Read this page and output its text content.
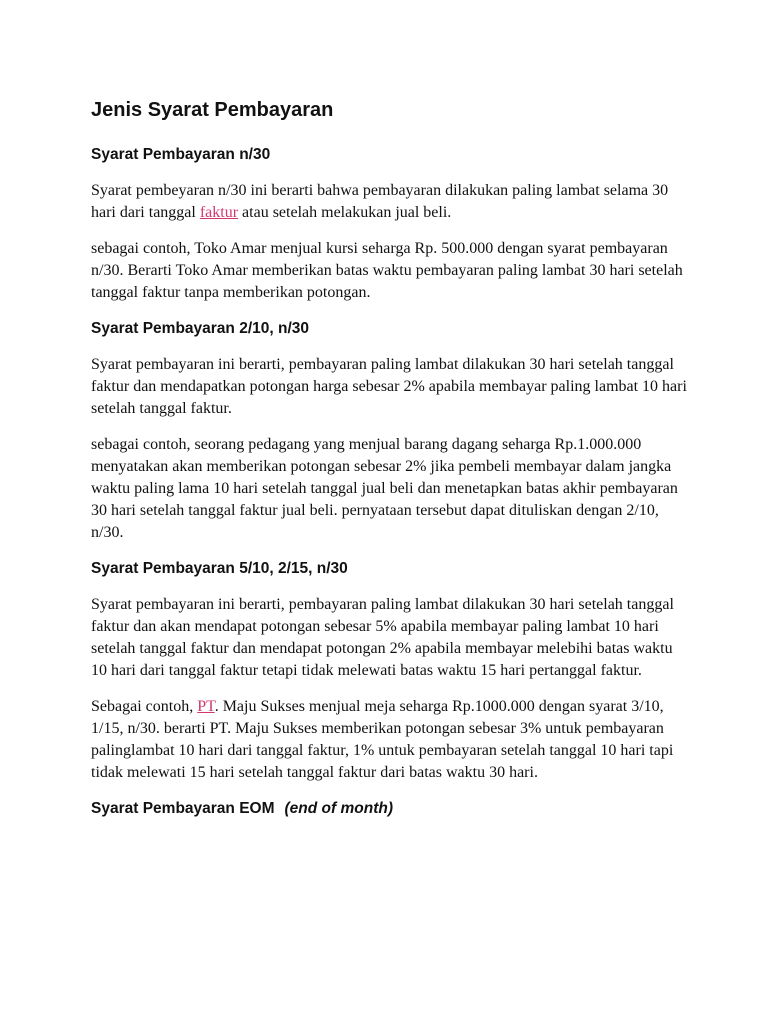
Jenis Syarat Pembayaran
Syarat Pembayaran n/30

Syarat pembeyaran n/30 ini berarti bahwa pembayaran dilakukan paling lambat selama 30 hari dari tanggal faktur atau setelah melakukan jual beli.

sebagai contoh, Toko Amar menjual kursi seharga Rp. 500.000 dengan syarat pembayaran n/30. Berarti Toko Amar memberikan batas waktu pembayaran paling lambat 30 hari setelah tanggal faktur tanpa memberikan potongan.

Syarat Pembayaran 2/10, n/30

Syarat pembayaran ini berarti, pembayaran paling lambat dilakukan 30 hari setelah tanggal faktur dan mendapatkan potongan harga sebesar 2% apabila membayar paling lambat 10 hari setelah tanggal faktur.

sebagai contoh, seorang pedagang yang menjual barang dagang seharga Rp.1.000.000 menyatakan akan memberikan potongan sebesar 2% jika pembeli membayar dalam jangka waktu paling lama 10 hari setelah tanggal jual beli dan menetapkan batas akhir pembayaran 30 hari setelah tanggal faktur jual beli. pernyataan tersebut dapat dituliskan dengan 2/10, n/30.

Syarat Pembayaran 5/10, 2/15, n/30

Syarat pembayaran ini berarti, pembayaran paling lambat dilakukan 30 hari setelah tanggal faktur dan akan mendapat potongan sebesar 5% apabila membayar paling lambat 10 hari setelah tanggal faktur dan mendapat potongan 2% apabila membayar melebihi batas waktu 10 hari dari tanggal faktur tetapi tidak melewati batas waktu 15 hari pertanggal faktur.

Sebagai contoh, PT. Maju Sukses menjual meja seharga Rp.1000.000 dengan syarat 3/10, 1/15, n/30. berarti PT. Maju Sukses memberikan potongan sebesar 3% untuk pembayaran palinglambat 10 hari dari tanggal faktur, 1% untuk pembayaran setelah tanggal 10 hari tapi tidak melewati 15 hari setelah tanggal faktur dari batas waktu 30 hari.

Syarat Pembayaran EOM (end of month)
